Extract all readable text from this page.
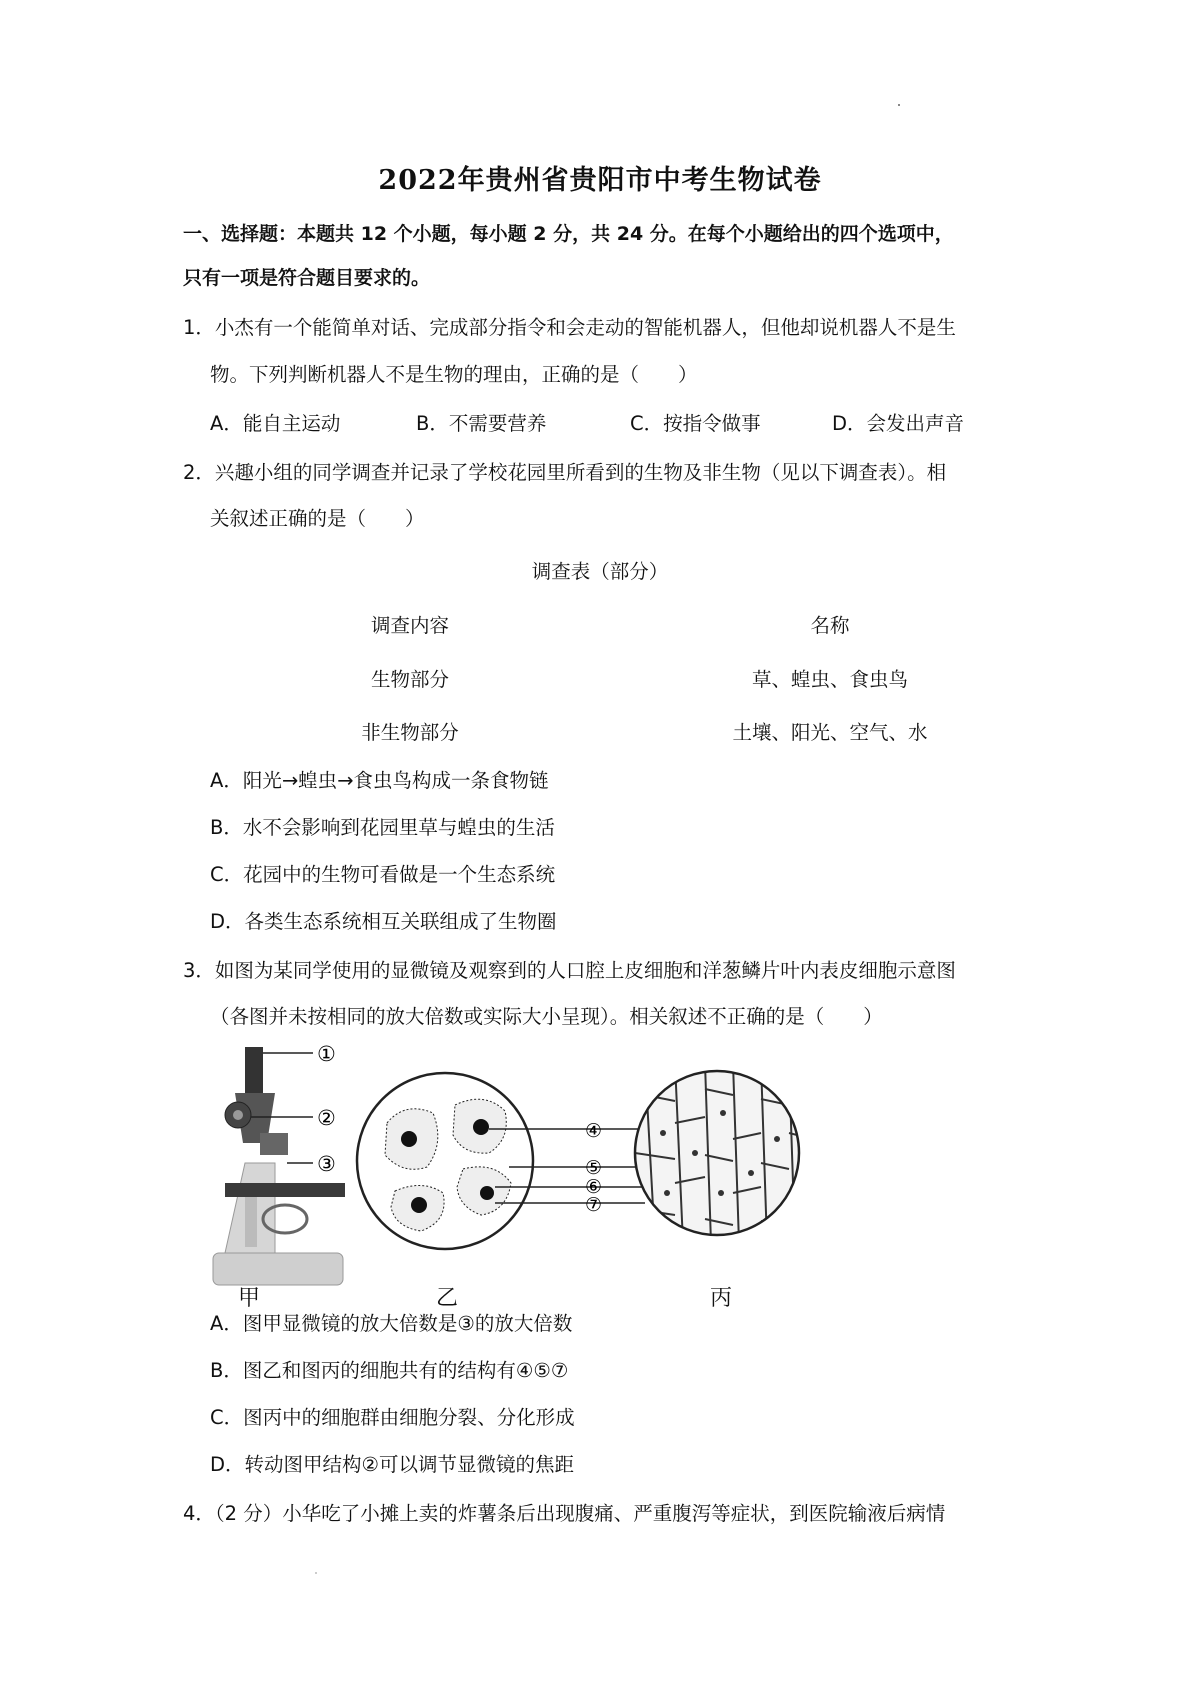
2022年贵州省贵阳市中考生物试卷
一、选择题：本题共 12 个小题，每小题 2 分，共 24 分。在每个小题给出的四个选项中，
只有一项是符合题目要求的。
1．小杰有一个能简单对话、完成部分指令和会走动的智能机器人，但他却说机器人不是生
物。下列判断机器人不是生物的理由，正确的是（　　）
A．能自主运动	B．不需要营养	C．按指令做事	D．会发出声音
2．兴趣小组的同学调查并记录了学校花园里所看到的生物及非生物（见以下调查表）。相
关叙述正确的是（　　）
调查表（部分）
调查内容	名称
生物部分	草、蝗虫、食虫鸟
非生物部分	土壤、阳光、空气、水
A．阳光→蝗虫→食虫鸟构成一条食物链
B．水不会影响到花园里草与蝗虫的生活
C．花园中的生物可看做是一个生态系统
D．各类生态系统相互关联组成了生物圈
3．如图为某同学使用的显微镜及观察到的人口腔上皮细胞和洋葱鳞片叶内表皮细胞示意图
（各图并未按相同的放大倍数或实际大小呈现）。相关叙述不正确的是（　　）
①
②
③
④
⑤
⑥
⑦
甲	乙	丙
A．图甲显微镜的放大倍数是③的放大倍数
B．图乙和图丙的细胞共有的结构有④⑤⑦
C．图丙中的细胞群由细胞分裂、分化形成
D．转动图甲结构②可以调节显微镜的焦距
4．（2 分）小华吃了小摊上卖的炸薯条后出现腹痛、严重腹泻等症状，到医院输液后病情
